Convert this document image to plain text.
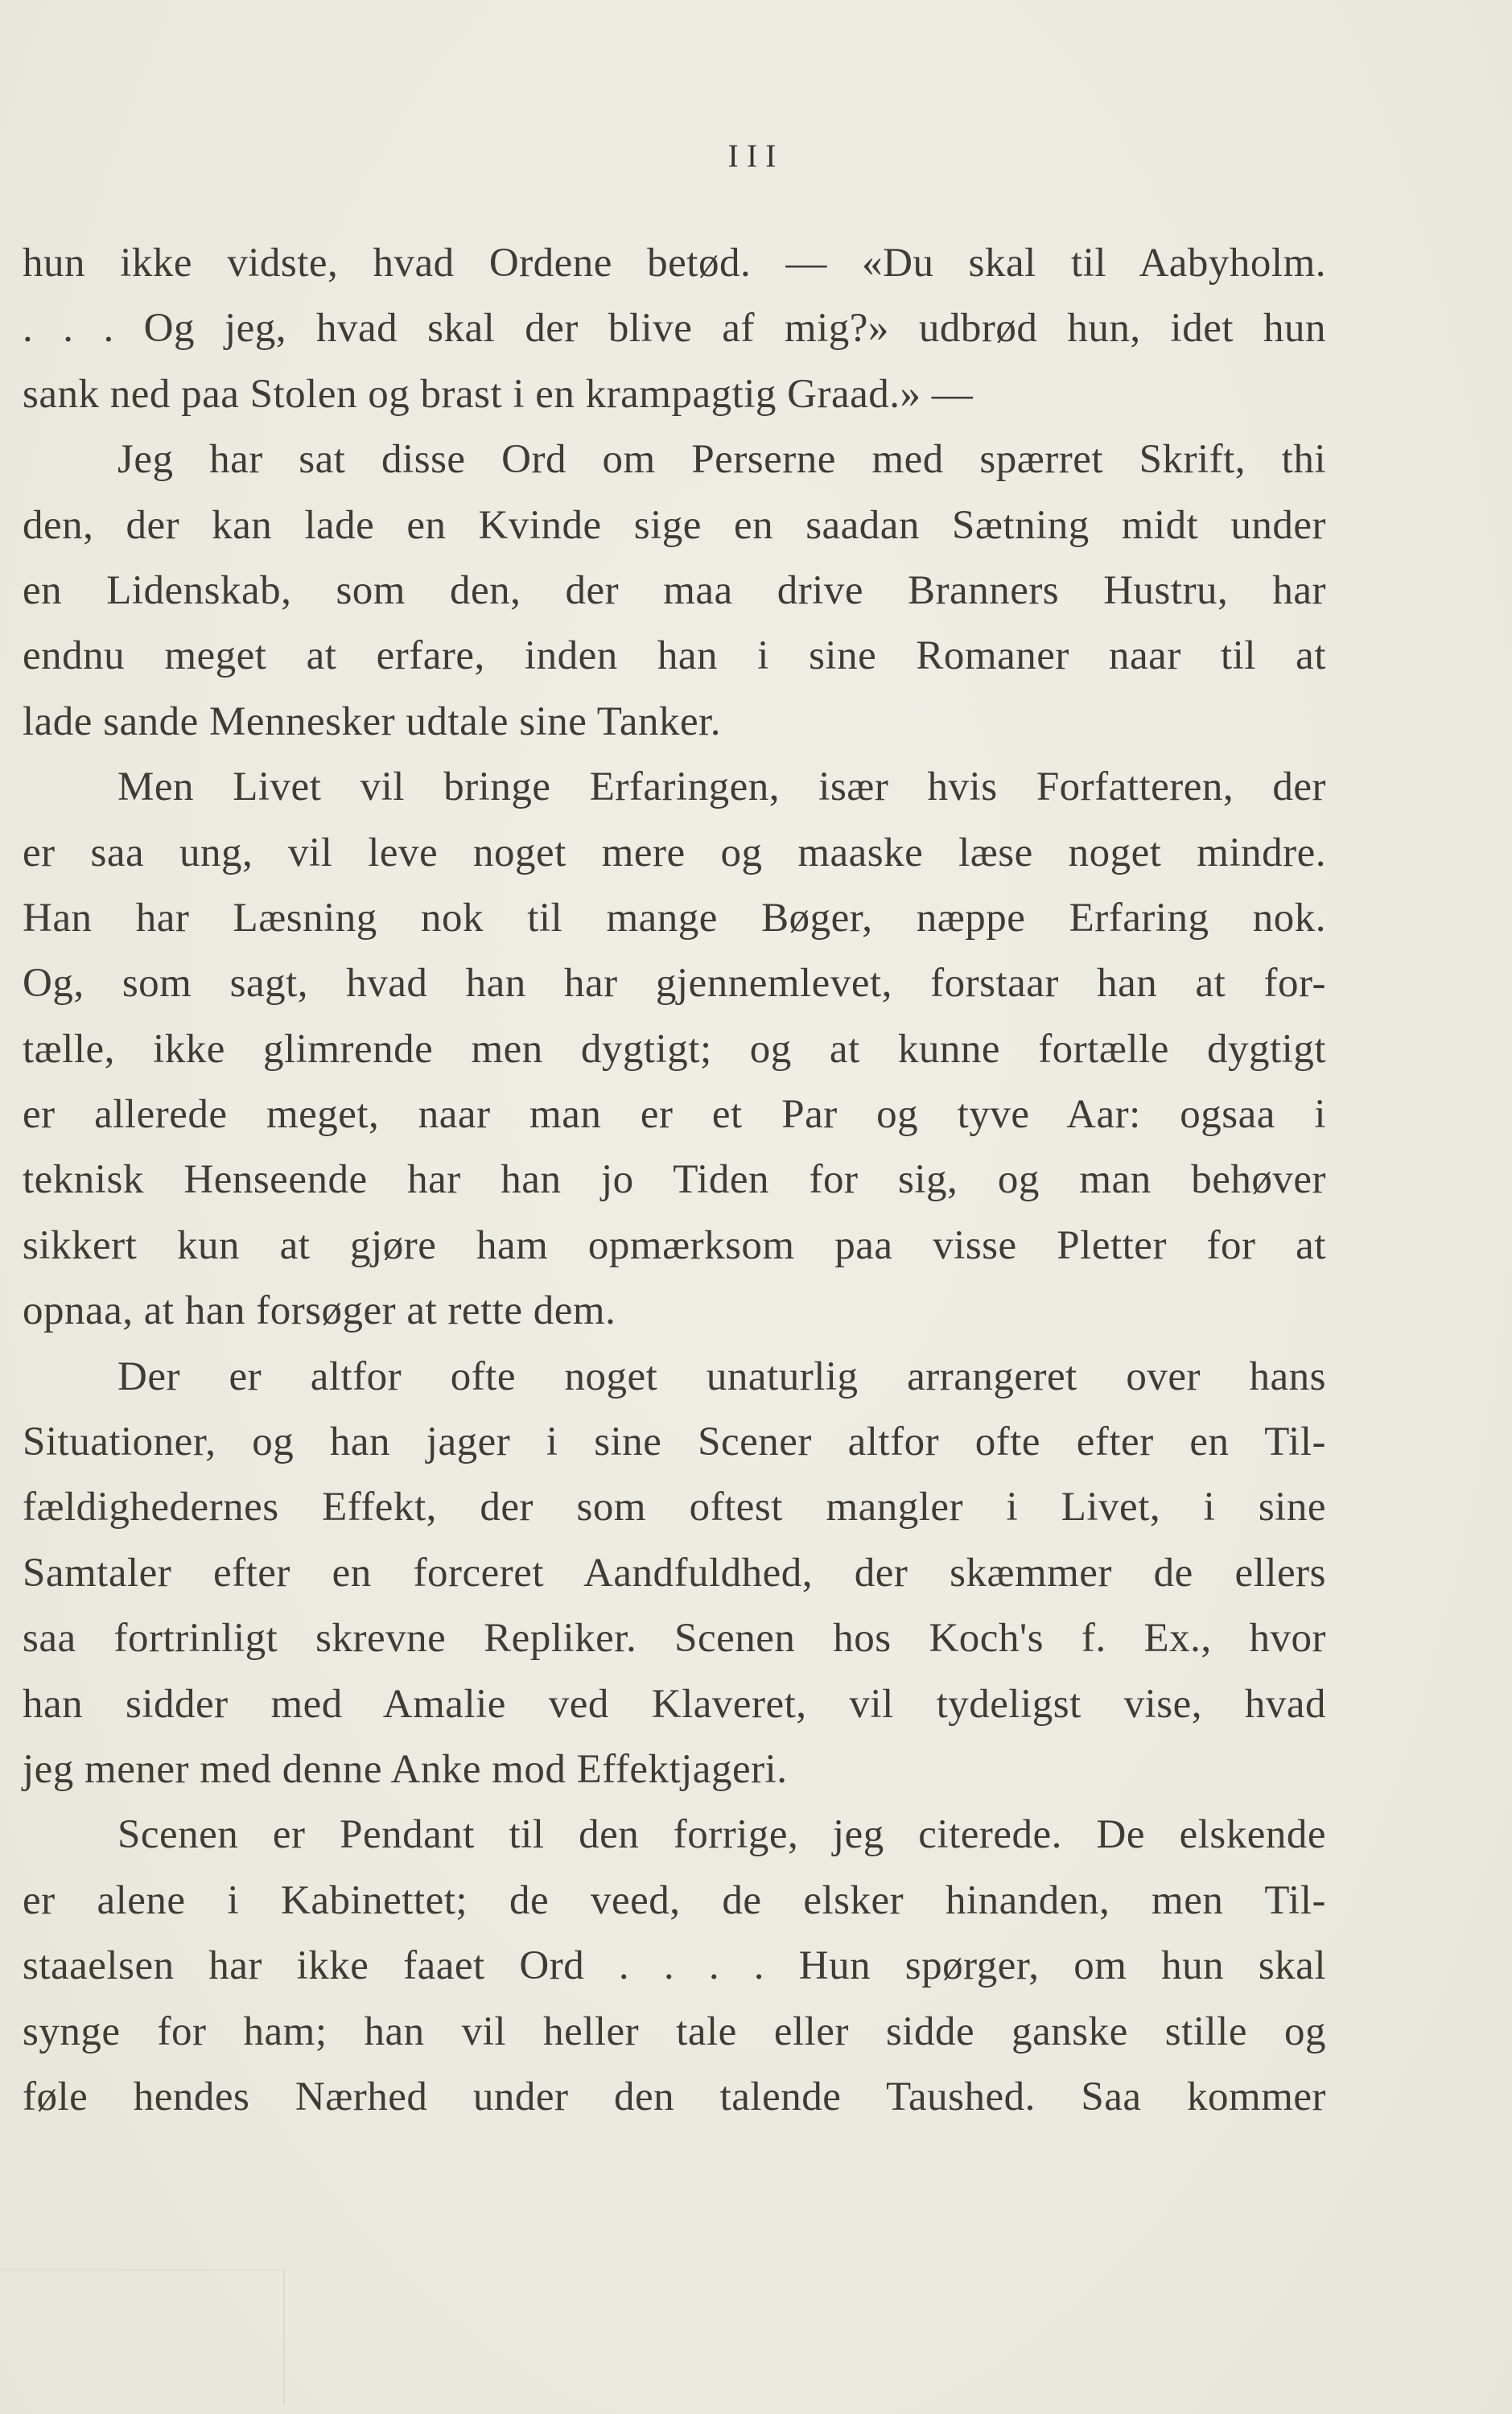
III
hun ikke vidste, hvad Ordene betød. — «Du skal til Aabyholm.
. . . Og jeg, hvad skal der blive af mig?» udbrød hun, idet hun
sank ned paa Stolen og brast i en krampagtig Graad.» —
Jeg har sat disse Ord om Perserne med spærret Skrift, thi
den, der kan lade en Kvinde sige en saadan Sætning midt under
en Lidenskab, som den, der maa drive Branners Hustru, har
endnu meget at erfare, inden han i sine Romaner naar til at
lade sande Mennesker udtale sine Tanker.
Men Livet vil bringe Erfaringen, især hvis Forfatteren, der
er saa ung, vil leve noget mere og maaske læse noget mindre.
Han har Læsning nok til mange Bøger, næppe Erfaring nok.
Og, som sagt, hvad han har gjennemlevet, forstaar han at for-
tælle, ikke glimrende men dygtigt; og at kunne fortælle dygtigt
er allerede meget, naar man er et Par og tyve Aar: ogsaa i
teknisk Henseende har han jo Tiden for sig, og man behøver
sikkert kun at gjøre ham opmærksom paa visse Pletter for at
opnaa, at han forsøger at rette dem.
Der er altfor ofte noget unaturlig arrangeret over hans
Situationer, og han jager i sine Scener altfor ofte efter en Til-
fældighedernes Effekt, der som oftest mangler i Livet, i sine
Samtaler efter en forceret Aandfuldhed, der skæmmer de ellers
saa fortrinligt skrevne Repliker. Scenen hos Koch's f. Ex., hvor
han sidder med Amalie ved Klaveret, vil tydeligst vise, hvad
jeg mener med denne Anke mod Effektjageri.
Scenen er Pendant til den forrige, jeg citerede. De elskende
er alene i Kabinettet; de veed, de elsker hinanden, men Til-
staaelsen har ikke faaet Ord . . . . Hun spørger, om hun skal
synge for ham; han vil heller tale eller sidde ganske stille og
føle hendes Nærhed under den talende Taushed. Saa kommer
